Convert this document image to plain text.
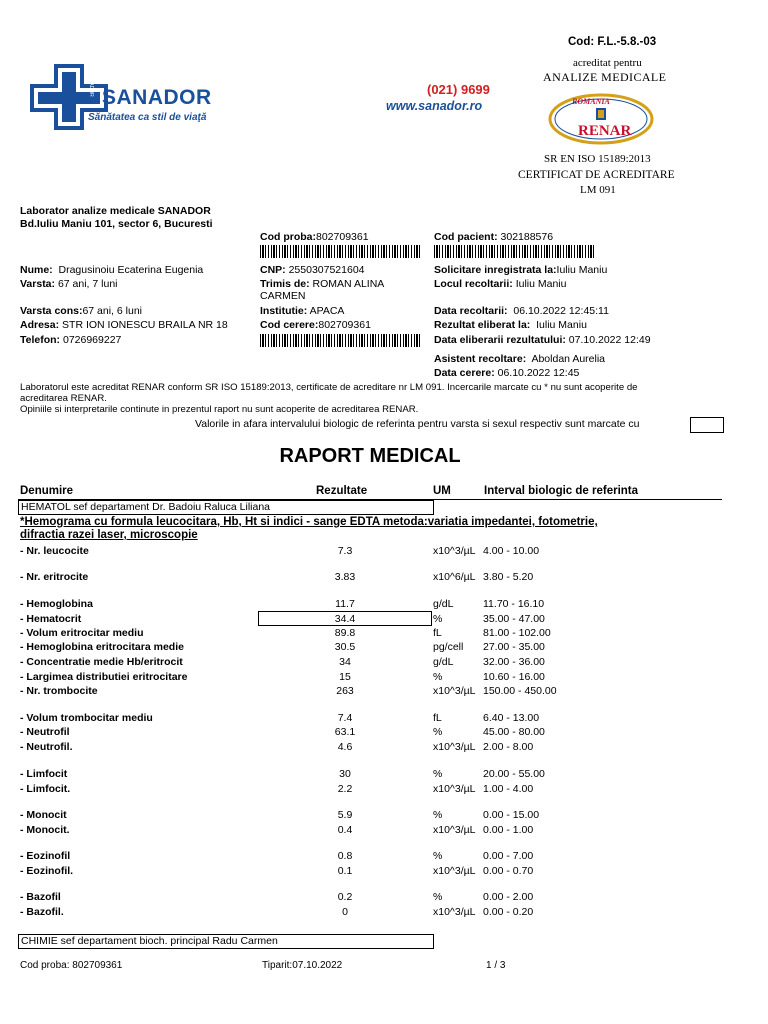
Cod: F.L.-5.8.-03
SANADOR
SANADOR
Sănătatea ca stil de viaţă
(021) 9699
www.sanador.ro
acreditat pentru
ANALIZE MEDICALE
ROMANIA
RENAR
SR EN ISO 15189:2013
CERTIFICAT DE ACREDITARE
LM 091
Laborator analize medicale SANADOR
Bd.Iuliu Maniu 101, sector 6, Bucuresti
Cod proba:802709361	Cod pacient: 302188576
Nume: Dragusinoiu Ecaterina Eugenia	CNP: 2550307521604	Solicitare inregistrata la:Iuliu Maniu
Varsta: 67 ani, 7 luni	Trimis de: ROMAN ALINA
CARMEN
Locul recoltarii: Iuliu Maniu
Varsta cons:67 ani, 6 luni	Institutie: APACA	Data recoltarii: 06.10.2022 12:45:11
Adresa: STR ION IONESCU BRAILA NR 18	Cod cerere:802709361	Rezultat eliberat la: Iuliu Maniu
Telefon: 0726969227	Data eliberarii rezultatului: 07.10.2022 12:49
Asistent recoltare: Aboldan Aurelia
Data cerere: 06.10.2022 12:45
Laboratorul este acreditat RENAR conform SR ISO 15189:2013, certificate de acreditare nr LM 091. Incercarile marcate cu * nu sunt acoperite de
acreditarea RENAR.
Opiniile si interpretarile continute in prezentul raport nu sunt acoperite de acreditarea RENAR.
Valorile in afara intervalului biologic de referinta pentru varsta si sexul respectiv sunt marcate cu
RAPORT MEDICAL
Denumire	Rezultate	UM	Interval biologic de referinta
HEMATOL sef departament Dr. Badoiu Raluca Liliana
*Hemograma cu formula leucocitara, Hb, Ht si indici - sange EDTA metoda:variatia impedantei, fotometrie,
difractia razei laser, microscopie
- Nr. leucocite	7.3	x10^3/µL 4.00 - 10.00
- Nr. eritrocite	3.83	x10^6/µL 3.80 - 5.20
- Hemoglobina	11.7	g/dL	11.70 - 16.10
- Hematocrit	34.4	%	35.00 - 47.00
- Volum eritrocitar mediu	89.8	fL	81.00 - 102.00
- Hemoglobina eritrocitara medie	30.5	pg/cell	27.00 - 35.00
- Concentratie medie Hb/eritrocit	34	g/dL	32.00 - 36.00
- Largimea distributiei eritrocitare	15	%	10.60 - 16.00
- Nr. trombocite	263	x10^3/µL 150.00 - 450.00
- Volum trombocitar mediu	7.4	fL	6.40 - 13.00
- Neutrofil	63.1	%	45.00 - 80.00
- Neutrofil.	4.6	x10^3/µL 2.00 - 8.00
- Limfocit	30	%	20.00 - 55.00
- Limfocit.	2.2	x10^3/µL 1.00 - 4.00
- Monocit	5.9	%	0.00 - 15.00
- Monocit.	0.4	x10^3/µL 0.00 - 1.00
- Eozinofil	0.8	%	0.00 - 7.00
- Eozinofil.	0.1	x10^3/µL 0.00 - 0.70
- Bazofil	0.2	%	0.00 - 2.00
- Bazofil.	0	x10^3/µL 0.00 - 0.20
CHIMIE sef departament bioch. principal Radu Carmen
Cod proba: 802709361	Tiparit:07.10.2022	1 / 3
